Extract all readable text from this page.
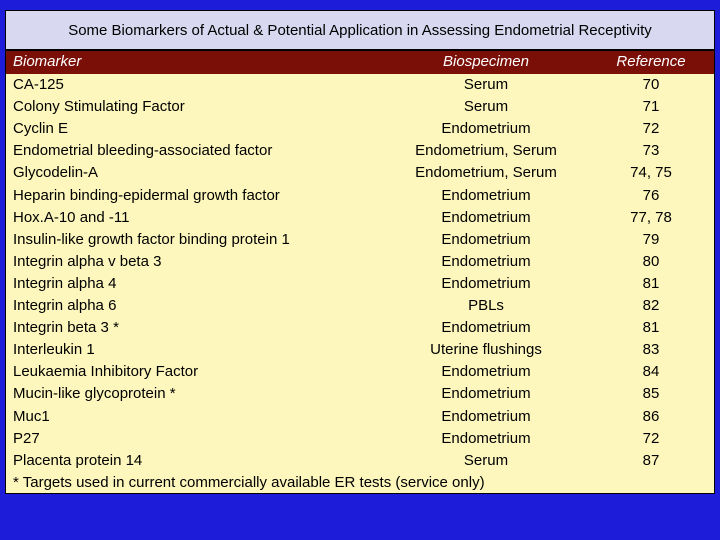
Some Biomarkers of Actual & Potential Application in Assessing Endometrial Receptivity
Biomarker	Biospecimen	Reference
CA-125	Serum	70
Colony Stimulating Factor	Serum	71
Cyclin E	Endometrium	72
Endometrial bleeding-associated factor	Endometrium, Serum	73
Glycodelin-A	Endometrium, Serum	74, 75
Heparin binding-epidermal growth factor	Endometrium	76
Hox.A-10 and -11	Endometrium	77, 78
Insulin-like growth factor binding protein 1	Endometrium	79
Integrin alpha v beta 3	Endometrium	80
Integrin alpha 4	Endometrium	81
Integrin alpha 6	PBLs	82
Integrin beta 3 *	Endometrium	81
Interleukin 1	Uterine flushings	83
Leukaemia Inhibitory Factor	Endometrium	84
Mucin-like glycoprotein *	Endometrium	85
Muc1	Endometrium	86
P27	Endometrium	72
Placenta protein 14	Serum	87
* Targets used in current commercially available ER tests (service only)
